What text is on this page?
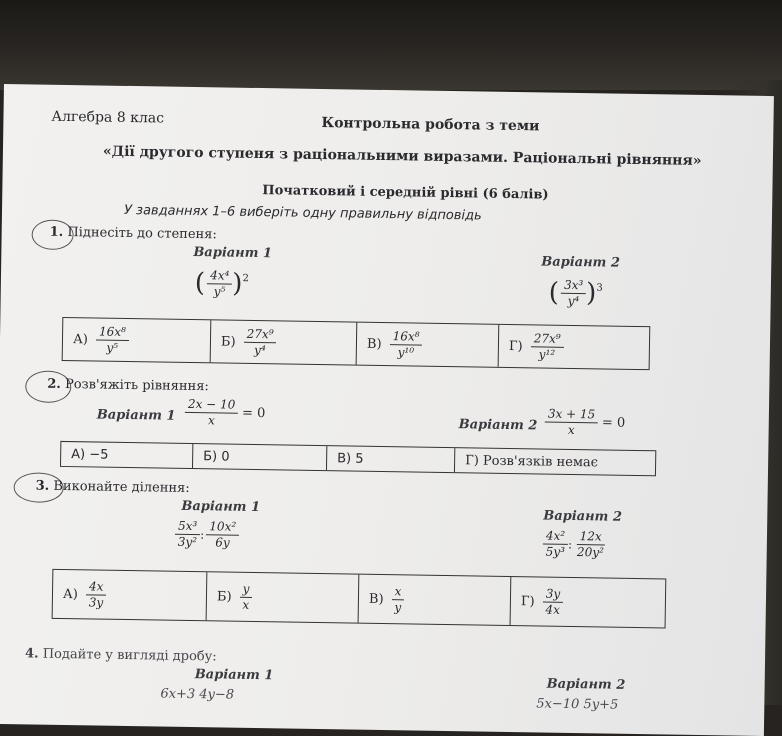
Алгебра 8 клас	Контрольна робота з теми
«Дії другого ступеня з раціональними виразами. Раціональні рівняння»
Початковий і середній рівні (6 балів)
У завданнях 1–6 виберіть одну правильну відповідь
1. Піднесіть до степеня:
Варіант 1
Варіант 2
( $\frac{\text{4x⁴}}{\text{y⁵}} )^2$	( $\frac{\text{3x³}}{\text{y⁴}} )^3$
$А) \frac{\text{16x⁸}}{\text{y⁵}}$	$Б) \frac{\text{27x⁹}}{\text{y⁴}}$	$В) \frac{\text{16x⁸}}{\text{y¹⁰}}$	$Г) \frac{\text{27x⁹}}{\text{y¹²}}$
2. Розв'яжіть рівняння:
Варіант $1 \frac{2x - 10}{x} = 0$
Варіант $2 \frac{3x + 15}{x} = 0$
А) −5	Б) 0	В) 5	Г) Розв'язків немає
3. Виконайте ділення:
Варіант 1
Варіант 2
$\frac{\text{5x³}}{\text{3y²}}$ : $\frac{\text{10x²}}{6y}$	$\frac{\text{4x²}}{\text{5y³}}$ : $\frac{12x}{\text{20y²}}$
$А) \frac{4x}{3y}$	$Б) \frac{y}{x}$	$В) \frac{x}{y}$	$Г) \frac{3y}{4x}$
4. Подайте у вигляді дробу:
Варіант 1
Варіант 2
6x+3 4y−8
5x−10 5y+5
